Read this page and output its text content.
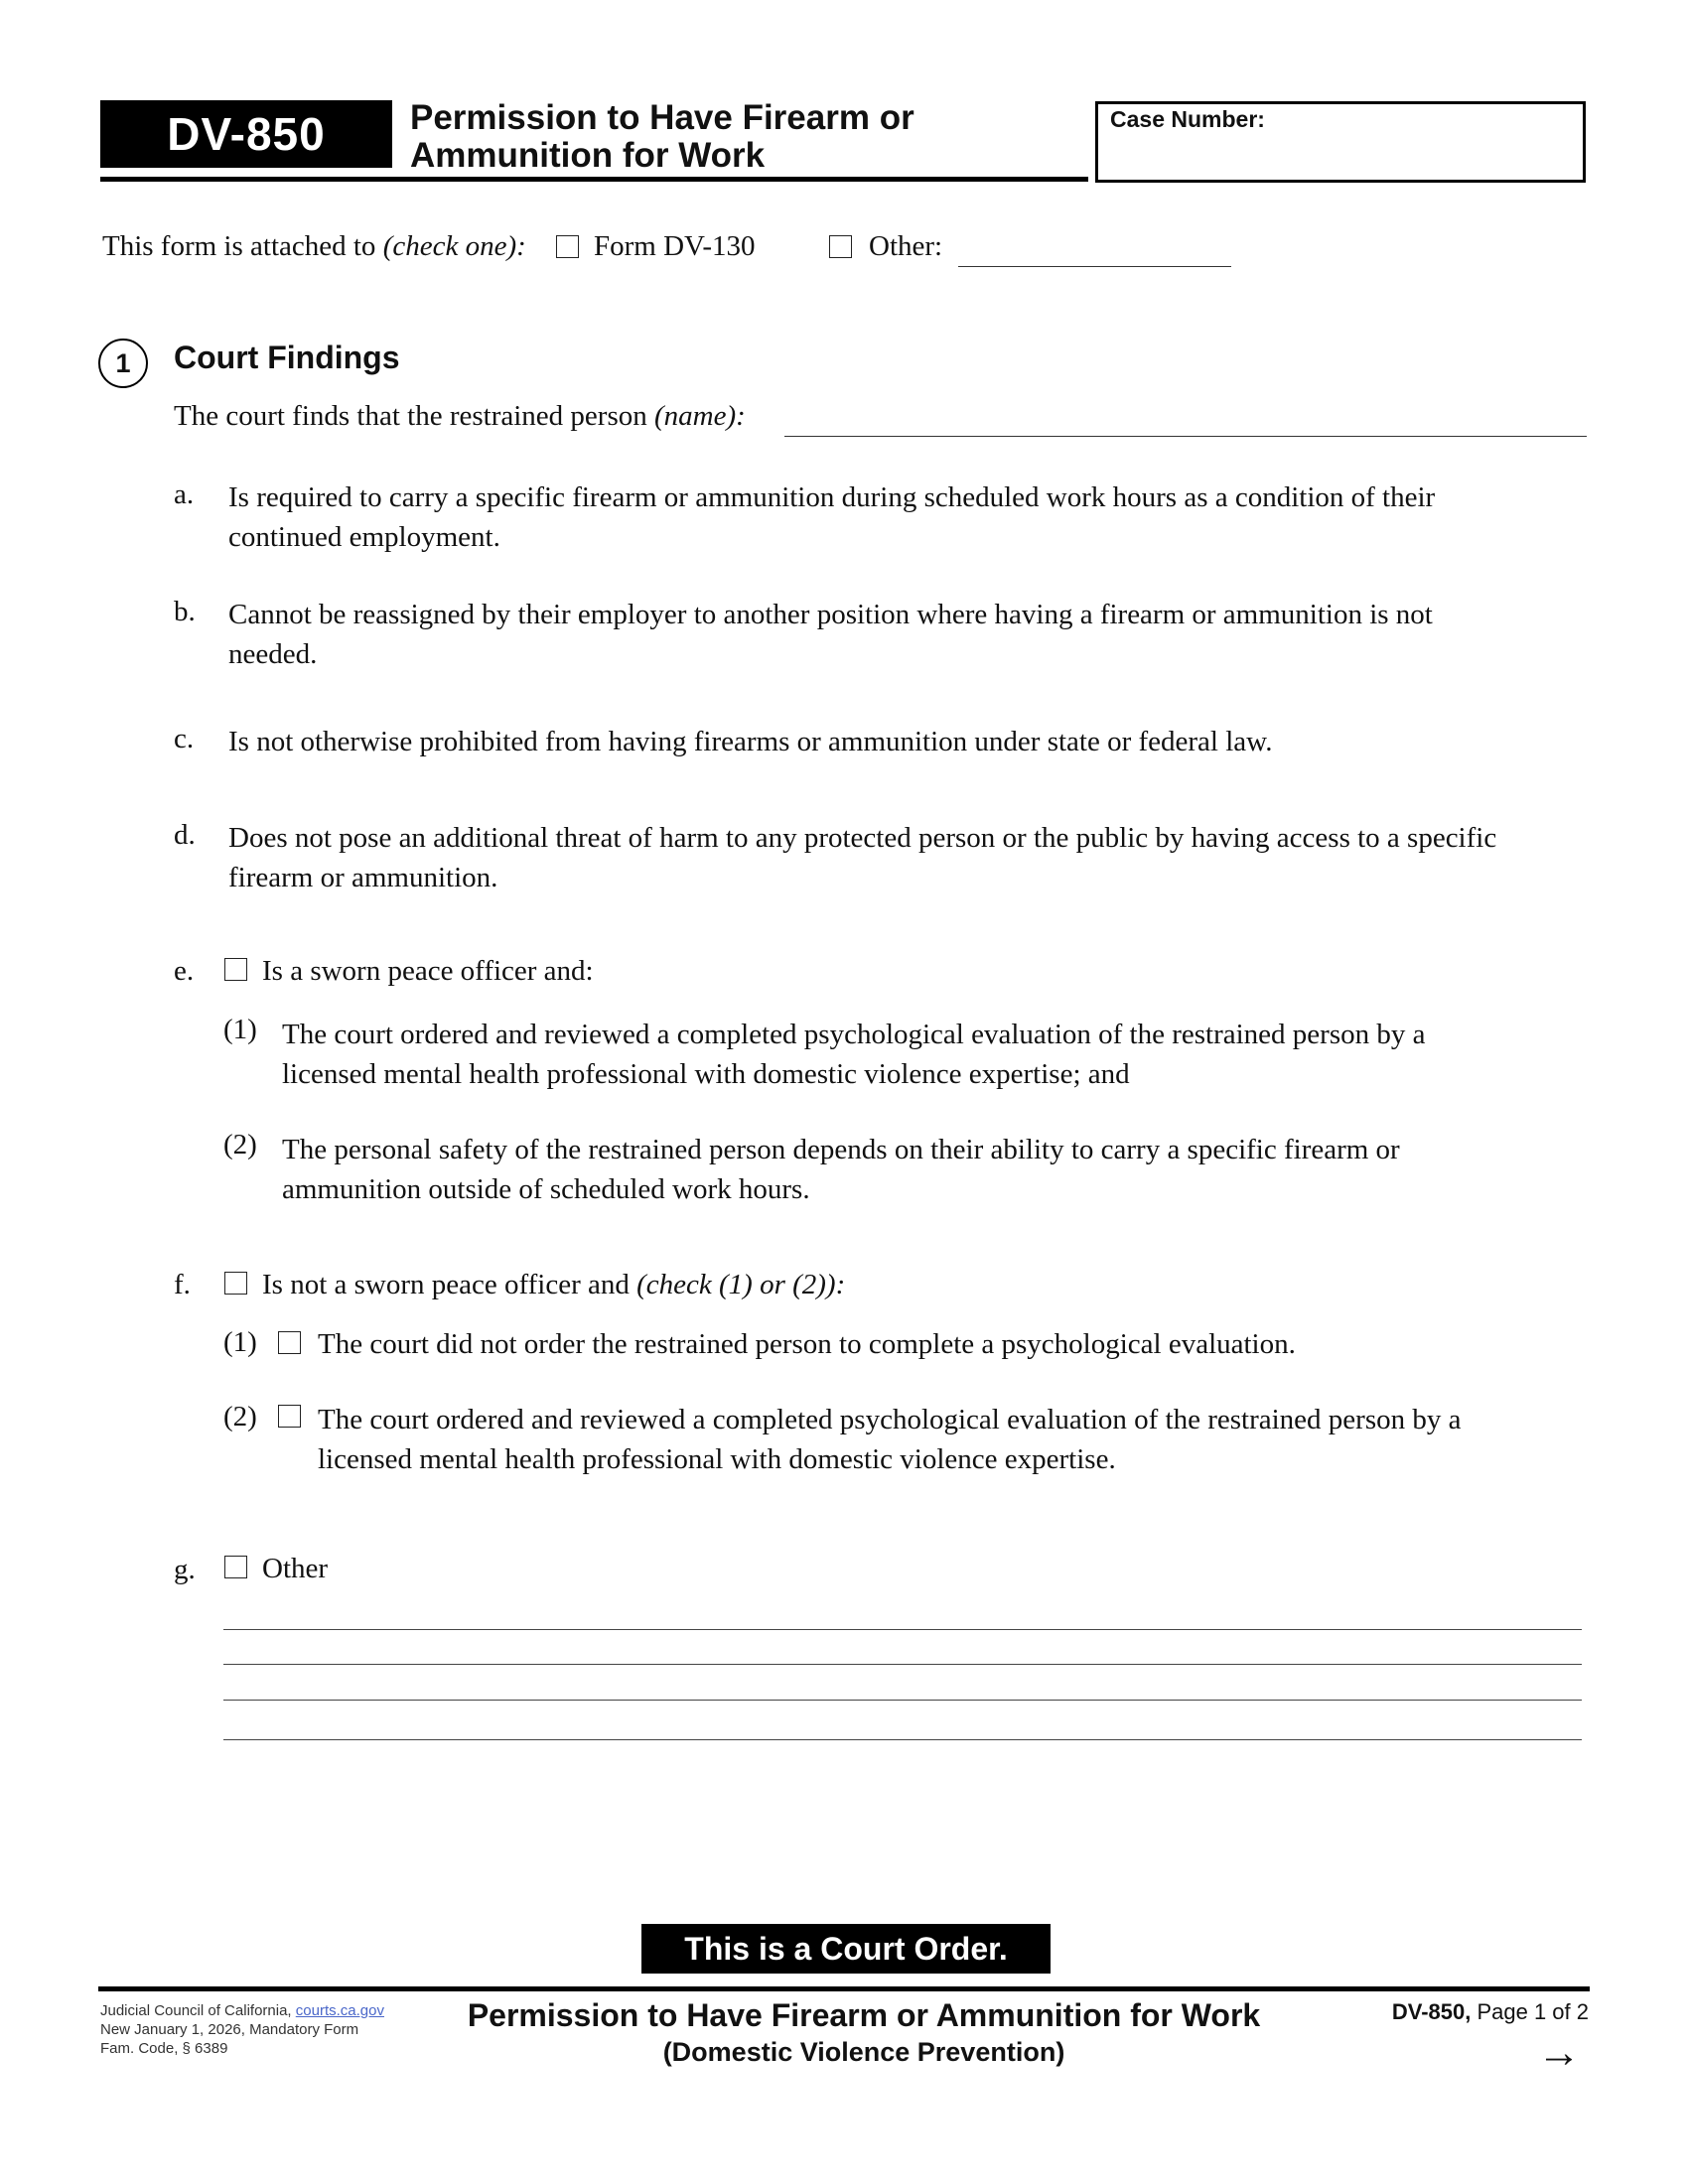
DV-850	Permission to Have Firearm or
Ammunition for Work
Case Number:
This form is attached to (check one): Form DV-130	Other:
1	Court Findings
The court finds that the restrained person (name):
a. Is required to carry a specific firearm or ammunition during scheduled work hours as a condition of their
continued employment.
b. Cannot be reassigned by their employer to another position where having a firearm or ammunition is not
needed.
c. Is not otherwise prohibited from having firearms or ammunition under state or federal law.
d. Does not pose an additional threat of harm to any protected person or the public by having access to a specific
firearm or ammunition.
e. Is a sworn peace officer and:
(1) The court ordered and reviewed a completed psychological evaluation of the restrained person by a
licensed mental health professional with domestic violence expertise; and
(2) The personal safety of the restrained person depends on their ability to carry a specific firearm or
ammunition outside of scheduled work hours.
f. Is not a sworn peace officer and (check (1) or (2)):
(1) The court did not order the restrained person to complete a psychological evaluation.
(2) The court ordered and reviewed a completed psychological evaluation of the restrained person by a
licensed mental health professional with domestic violence expertise.
g. Other
This is a Court Order.
Judicial Council of California, courts.ca.gov
New January 1, 2026, Mandatory Form
Fam. Code, § 6389
Permission to Have Firearm or Ammunition for Work
(Domestic Violence Prevention)
DV-850, Page 1 of 2
→
